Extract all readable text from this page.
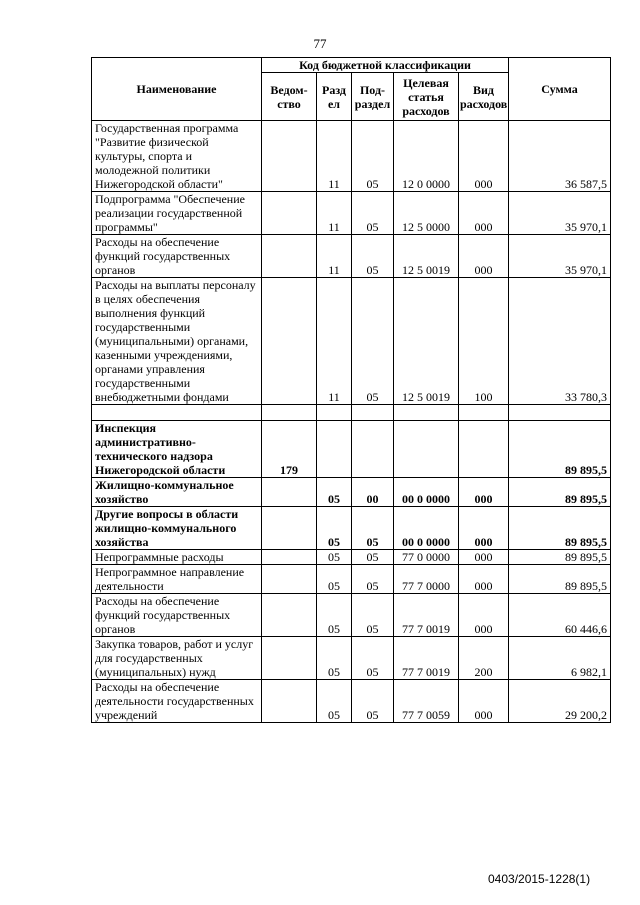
77
Наименование	Код бюджетной классификации					Сумма
	Ведом-ство	Разд ел	Под-раздел	Целевая статья расходов	Вид расходов	
Государственная программа "Развитие физической культуры, спорта и молодежной политики Нижегородской области"		11	05	12 0 0000	000	36 587,5
Подпрограмма "Обеспечение реализации государственной программы"		11	05	12 5 0000	000	35 970,1
Расходы на обеспечение функций государственных органов		11	05	12 5 0019	000	35 970,1
Расходы на выплаты персоналу в целях обеспечения выполнения функций государственными (муниципальными) органами, казенными учреждениями, органами управления государственными внебюджетными фондами		11	05	12 5 0019	100	33 780,3

Инспекция административно-технического надзора Нижегородской области	179					89 895,5
Жилищно-коммунальное хозяйство		05	00	00 0 0000	000	89 895,5
Другие вопросы в области жилищно-коммунального хозяйства		05	05	00 0 0000	000	89 895,5
Непрограммные расходы		05	05	77 0 0000	000	89 895,5
Непрограммное направление деятельности		05	05	77 7 0000	000	89 895,5
Расходы на обеспечение функций государственных органов		05	05	77 7 0019	000	60 446,6
Закупка товаров, работ и услуг для государственных (муниципальных) нужд		05	05	77 7 0019	200	6 982,1
Расходы на обеспечение деятельности государственных учреждений		05	05	77 7 0059	000	29 200,2
0403/2015-1228(1)
